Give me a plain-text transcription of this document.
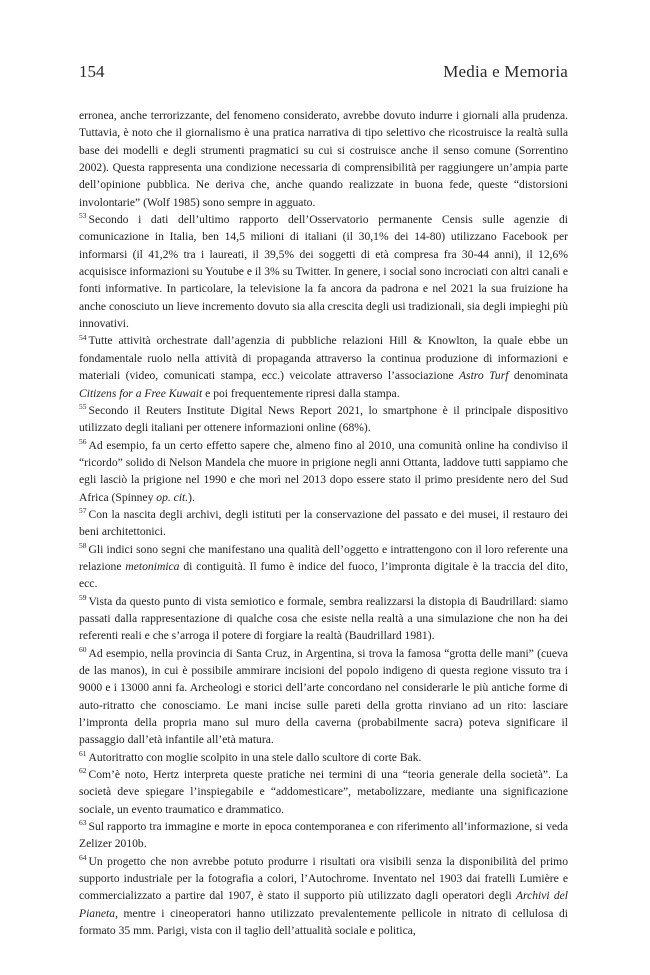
154	Media e Memoria

erronea, anche terrorizzante, del fenomeno considerato, avrebbe dovuto indurre i giornali alla prudenza. Tuttavia, è noto che il giornalismo è una pratica narrativa di tipo selettivo che ricostruisce la realtà sulla base dei modelli e degli strumenti pragmatici su cui si costruisce anche il senso comune (Sorrentino 2002). Questa rappresenta una condizione necessaria di comprensibilità per raggiungere un’ampia parte dell’opinione pubblica. Ne deriva che, anche quando realizzate in buona fede, queste “distorsioni involontarie” (Wolf 1985) sono sempre in agguato.

$^{53}$ Secondo i dati dell’ultimo rapporto dell’Osservatorio permanente Censis sulle agenzie di comunicazione in Italia, ben 14,5 milioni di italiani (il 30,1% dei 14-80) utilizzano Facebook per informarsi (il 41,2% tra i laureati, il 39,5% dei soggetti di età compresa fra 30-44 anni), il 12,6% acquisisce informazioni su Youtube e il 3% su Twitter. In genere, i social sono incrociati con altri canali e fonti informative. In particolare, la televisione la fa ancora da padrona e nel 2021 la sua fruizione ha anche conosciuto un lieve incremento dovuto sia alla crescita degli usi tradizionali, sia degli impieghi più innovativi.

$^{54}$ Tutte attività orchestrate dall’agenzia di pubbliche relazioni Hill & Knowlton, la quale ebbe un fondamentale ruolo nella attività di propaganda attraverso la continua produzione di informazioni e materiali (video, comunicati stampa, ecc.) veicolate attraverso l’associazione Astro Turf denominata Citizens for a Free Kuwait e poi frequentemente ripresi dalla stampa.

$^{55}$ Secondo il Reuters Institute Digital News Report 2021, lo smartphone è il principale dispositivo utilizzato degli italiani per ottenere informazioni online (68%).

$^{56}$ Ad esempio, fa un certo effetto sapere che, almeno fino al 2010, una comunità online ha condiviso il “ricordo” solido di Nelson Mandela che muore in prigione negli anni Ottanta, laddove tutti sappiamo che egli lasciò la prigione nel 1990 e che morì nel 2013 dopo essere stato il primo presidente nero del Sud Africa (Spinney op. cit.).

$^{57}$ Con la nascita degli archivi, degli istituti per la conservazione del passato e dei musei, il restauro dei beni architettonici.

$^{58}$ Gli indici sono segni che manifestano una qualità dell’oggetto e intrattengono con il loro referente una relazione metonimica di contiguità. Il fumo è indice del fuoco, l’impronta digitale è la traccia del dito, ecc.

$^{59}$ Vista da questo punto di vista semiotico e formale, sembra realizzarsi la distopia di Baudrillard: siamo passati dalla rappresentazione di qualche cosa che esiste nella realtà a una simulazione che non ha dei referenti reali e che s’arroga il potere di forgiare la realtà (Baudrillard 1981).

$^{60}$ Ad esempio, nella provincia di Santa Cruz, in Argentina, si trova la famosa “grotta delle mani” (cueva de las manos), in cui è possibile ammirare incisioni del popolo indigeno di questa regione vissuto tra i 9000 e i 13000 anni fa. Archeologi e storici dell’arte concordano nel considerarle le più antiche forme di auto-ritratto che conosciamo. Le mani incise sulle pareti della grotta rinviano ad un rito: lasciare l’impronta della propria mano sul muro della caverna (probabilmente sacra) poteva significare il passaggio dall’età infantile all’età matura.

$^{61}$ Autoritratto con moglie scolpito in una stele dallo scultore di corte Bak.

$^{62}$ Com’è noto, Hertz interpreta queste pratiche nei termini di una “teoria generale della società”. La società deve spiegare l’inspiegabile e “addomesticare”, metabolizzare, mediante una significazione sociale, un evento traumatico e drammatico.

$^{63}$ Sul rapporto tra immagine e morte in epoca contemporanea e con riferimento all’informazione, si veda Zelizer 2010b.

$^{64}$ Un progetto che non avrebbe potuto produrre i risultati ora visibili senza la disponibilità del primo supporto industriale per la fotografia a colori, l’Autochrome. Inventato nel 1903 dai fratelli Lumière e commercializzato a partire dal 1907, è stato il supporto più utilizzato dagli operatori degli Archivi del Pianeta, mentre i cineoperatori hanno utilizzato prevalentemente pellicole in nitrato di cellulosa di formato 35 mm. Parigi, vista con il taglio dell’attualità sociale e politica,
